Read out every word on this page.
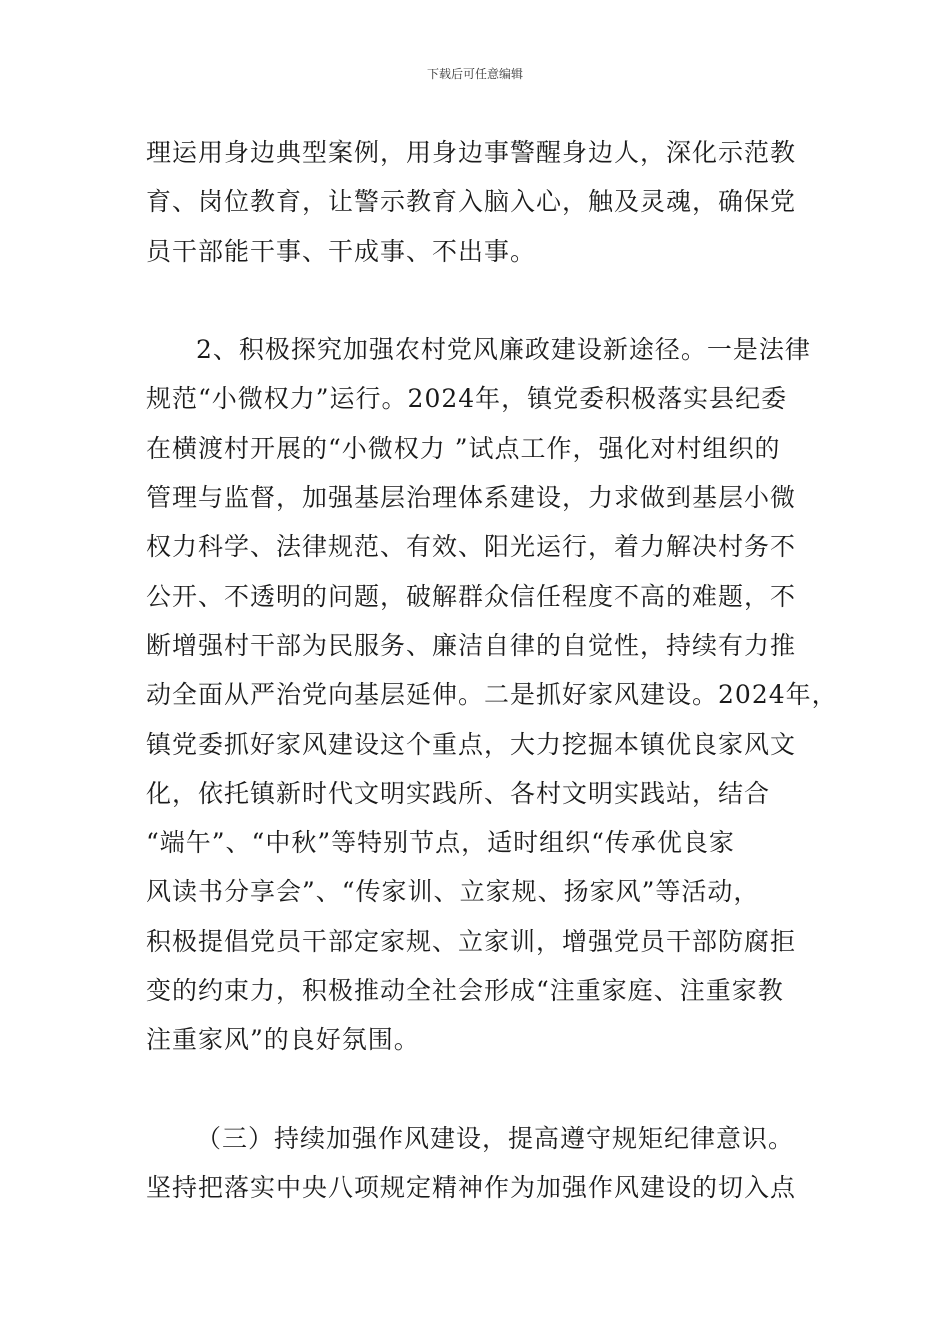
下载后可任意编辑
理运用身边典型案例，用身边事警醒身边人，深化示范教
育、岗位教育，让警示教育入脑入心，触及灵魂，确保党
员干部能干事、干成事、不出事。
2、积极探究加强农村党风廉政建设新途径。一是法律
规范“小微权力”运行。2024年，镇党委积极落实县纪委
在横渡村开展的“小微权力 ”试点工作，强化对村组织的
管理与监督，加强基层治理体系建设，力求做到基层小微
权力科学、法律规范、有效、阳光运行，着力解决村务不
公开、不透明的问题，破解群众信任程度不高的难题，不
断增强村干部为民服务、廉洁自律的自觉性，持续有力推
动全面从严治党向基层延伸。二是抓好家风建设。2024年，
镇党委抓好家风建设这个重点，大力挖掘本镇优良家风文
化，依托镇新时代文明实践所、各村文明实践站，结合
“端午”、“中秋”等特别节点，适时组织“传承优良家
风读书分享会”、“传家训、立家规、扬家风”等活动，
积极提倡党员干部定家规、立家训，增强党员干部防腐拒
变的约束力，积极推动全社会形成“注重家庭、注重家教
注重家风”的良好氛围。
（三）持续加强作风建设，提高遵守规矩纪律意识。
坚持把落实中央八项规定精神作为加强作风建设的切入点
